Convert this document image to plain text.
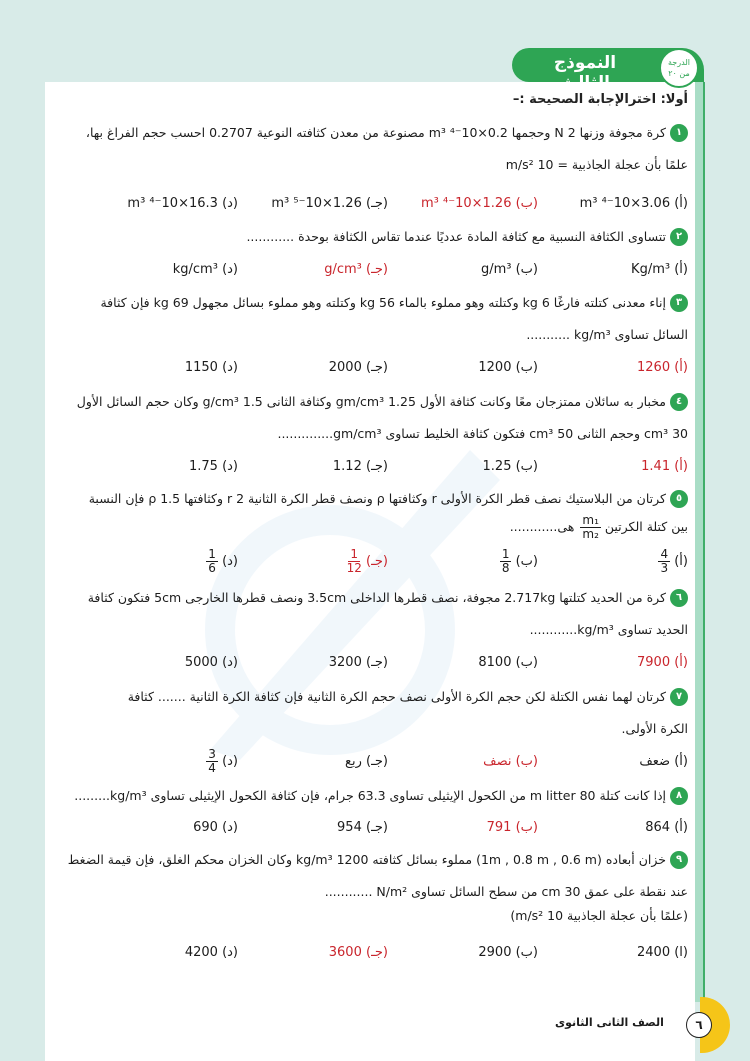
النموذج الثالث
الدرجة
من ٢٠
أولا: اخترالإجابة الصحيحة :–
١
كرة مجوفة وزنها 2 N وحجمها 0.2×10⁻⁴ m³ مصنوعة من معدن كثافته النوعية 0.2707 احسب حجم الفراغ بها،
علمًا بأن عجلة الجاذبية = 10 m/s²
(أ) 3.06×10⁻⁴ m³
(ب) 1.26×10⁻⁴ m³
(جـ) 1.26×10⁻⁵ m³
(د) 16.3×10⁻⁴ m³
٢
تتساوى الكثافة النسبية مع كثافة المادة عدديًا عندما تقاس الكثافة بوحدة ............
(أ) Kg/m³
(ب) g/m³
(جـ) g/cm³
(د) kg/cm³
٣
إناء معدنى كتلته فارغًا 6 kg وكتلته وهو مملوء بالماء 56 kg وكتلته وهو مملوء بسائل مجهول 69 kg فإن كثافة
السائل تساوى kg/m³ ...........
(أ) 1260
(ب) 1200
(جـ) 2000
(د) 1150
٤
مخبار به سائلان ممتزجان معًا وكانت كثافة الأول 1.25 gm/cm³ وكثافة الثانى 1.5 g/cm³ وكان حجم السائل الأول
30 cm³ وحجم الثانى 50 cm³ فتكون كثافة الخليط تساوى gm/cm³..............
(أ) 1.41
(ب) 1.25
(جـ) 1.12
(د) 1.75
٥
كرتان من البلاستيك نصف قطر الكرة الأولى r وكثافتها ρ ونصف قطر الكرة الثانية 2 r وكثافتها 1.5 ρ فإن النسبة
بين كتلة الكرتين
$\frac{\text{m₁}}{\text{m₂}}$
هى............
(أ)
$\frac{4}{3}$
(ب)
$\frac{1}{8}$
(جـ)
$\frac{1}{12}$
(د)
$\frac{1}{6}$
٦
كرة من الحديد كتلتها 2.717kg مجوفة، نصف قطرها الداخلى 3.5cm ونصف قطرها الخارجى 5cm فتكون كثافة
الحديد تساوى kg/m³............
(أ) 7900
(ب) 8100
(جـ) 3200
(د) 5000
٧
كرتان لهما نفس الكتلة لكن حجم الكرة الأولى نصف حجم الكرة الثانية فإن كثافة الكرة الثانية ....... كثافة
الكرة الأولى.
(أ) ضعف
(ب) نصف
(جـ) ربع
(د)
$\frac{3}{4}$
٨
إذا كانت كتلة 80 m litter من الكحول الإيثيلى تساوى 63.3 جرام، فإن كثافة الكحول الإيثيلى تساوى kg/m³.........
(أ) 864
(ب) 791
(جـ) 954
(د) 690
٩
خزان أبعاده (1m , 0.8 m , 0.6 m) مملوء بسائل كثافته 1200 kg/m³ وكان الخزان محكم الغلق، فإن قيمة الضغط
عند نقطة على عمق 30 cm من سطح السائل تساوى N/m² ............
(علمًا بأن عجلة الجاذبية 10 m/s²)
(ا) 2400
(ب) 2900
(جـ) 3600
(د) 4200
الصف الثانى الثانوى	٦
